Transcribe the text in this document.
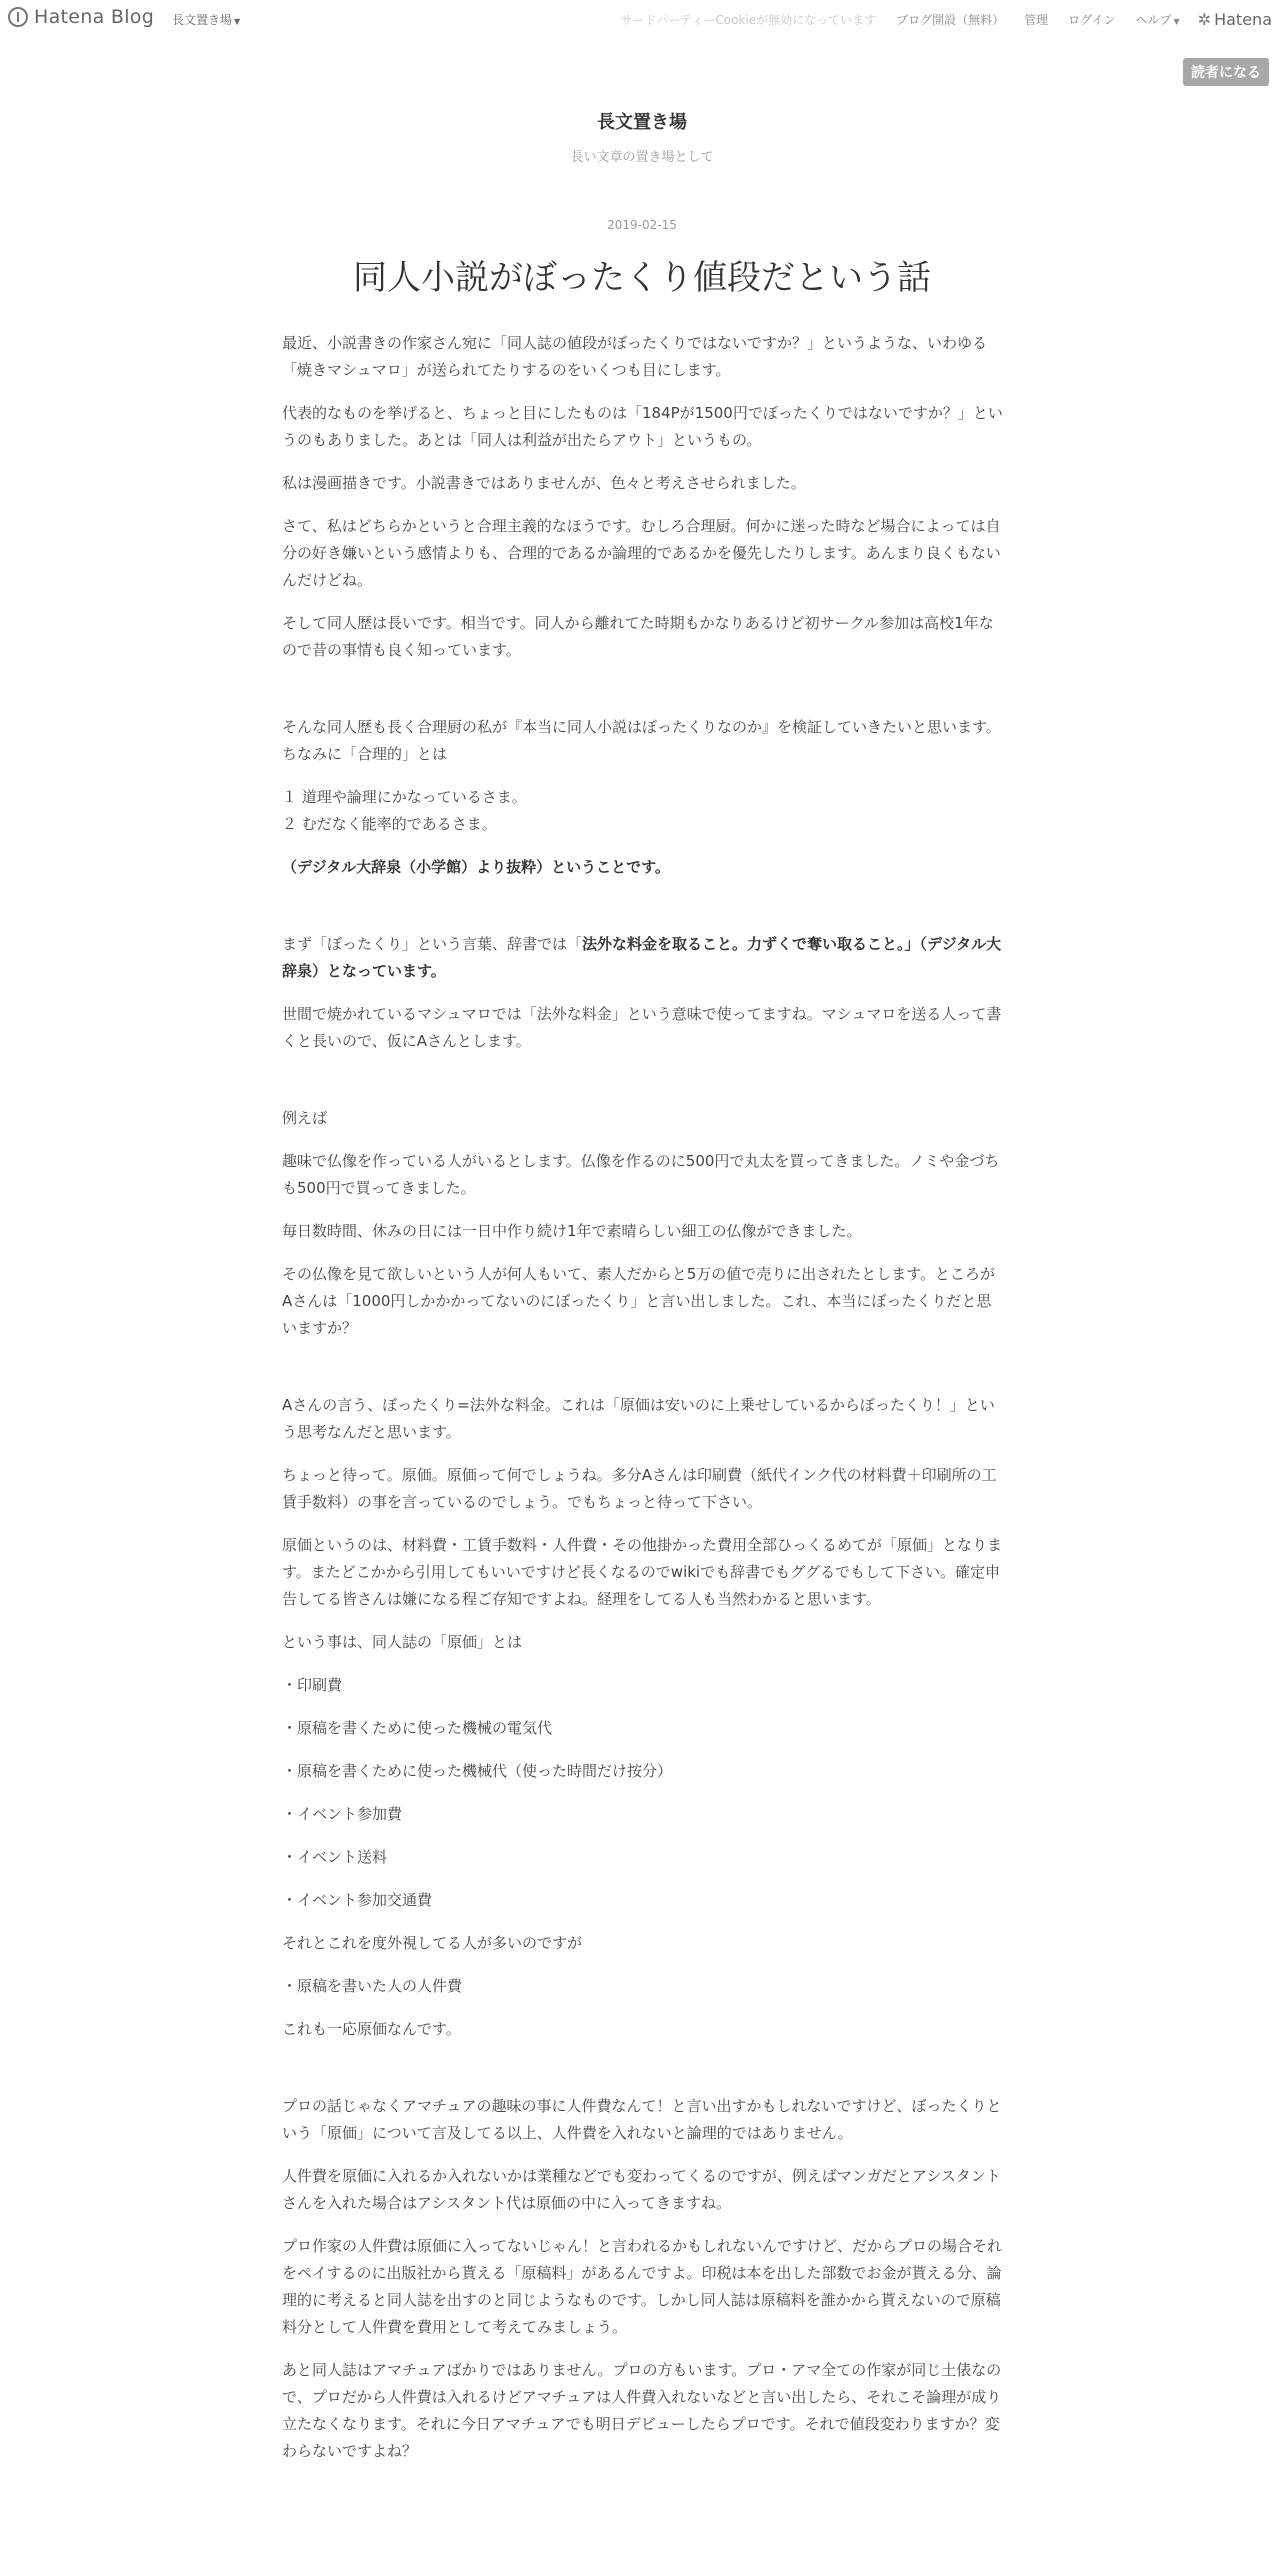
Hatena Blog 長文置き場 ▼	サードパーティーCookieが無効になっています ブログ開設（無料） 管理 ログイン ヘルプ ▼ ✲ Hatena
読者になる
長文置き場
長い文章の置き場として
2019-02-15
同人小説がぼったくり値段だという話

最近、小説書きの作家さん宛に「同人誌の値段がぼったくりではないですか？」というような、いわゆる「焼きマシュマロ」が送られてたりするのをいくつも目にします。

代表的なものを挙げると、ちょっと目にしたものは「184Pが1500円でぼったくりではないですか？」というのもありました。あとは「同人は利益が出たらアウト」というもの。

私は漫画描きです。小説書きではありませんが、色々と考えさせられました。

さて、私はどちらかというと合理主義的なほうです。むしろ合理厨。何かに迷った時など場合によっては自分の好き嫌いという感情よりも、合理的であるか論理的であるかを優先したりします。あんまり良くもないんだけどね。

そして同人歴は長いです。相当です。同人から離れてた時期もかなりあるけど初サークル参加は高校1年なので昔の事情も良く知っています。

そんな同人歴も長く合理厨の私が『本当に同人小説はぼったくりなのか』を検証していきたいと思います。ちなみに「合理的」とは

１ 道理や論理にかなっているさま。
２ むだなく能率的であるさま。

（デジタル大辞泉（小学館）より抜粋）ということです。

まず「ぼったくり」という言葉、辞書では「法外な料金を取ること。力ずくで奪い取ること。」（デジタル大辞泉）となっています。

世間で焼かれているマシュマロでは「法外な料金」という意味で使ってますね。マシュマロを送る人って書くと長いので、仮にAさんとします。

例えば

趣味で仏像を作っている人がいるとします。仏像を作るのに500円で丸太を買ってきました。ノミや金づちも500円で買ってきました。

毎日数時間、休みの日には一日中作り続け1年で素晴らしい細工の仏像ができました。

その仏像を見て欲しいという人が何人もいて、素人だからと5万の値で売りに出されたとします。ところがAさんは「1000円しかかかってないのにぼったくり」と言い出しました。これ、本当にぼったくりだと思いますか？

Aさんの言う、ぼったくり=法外な料金。これは「原価は安いのに上乗せしているからぼったくり！」という思考なんだと思います。

ちょっと待って。原価。原価って何でしょうね。多分Aさんは印刷費（紙代インク代の材料費＋印刷所の工賃手数料）の事を言っているのでしょう。でもちょっと待って下さい。

原価というのは、材料費・工賃手数料・人件費・その他掛かった費用全部ひっくるめてが「原価」となります。またどこかから引用してもいいですけど長くなるのでwikiでも辞書でもググるでもして下さい。確定申告してる皆さんは嫌になる程ご存知ですよね。経理をしてる人も当然わかると思います。

という事は、同人誌の「原価」とは

・印刷費

・原稿を書くために使った機械の電気代

・原稿を書くために使った機械代（使った時間だけ按分）

・イベント参加費

・イベント送料

・イベント参加交通費

それとこれを度外視してる人が多いのですが

・原稿を書いた人の人件費

これも一応原価なんです。

プロの話じゃなくアマチュアの趣味の事に人件費なんて！と言い出すかもしれないですけど、ぼったくりという「原価」について言及してる以上、人件費を入れないと論理的ではありません。

人件費を原価に入れるか入れないかは業種などでも変わってくるのですが、例えばマンガだとアシスタントさんを入れた場合はアシスタント代は原価の中に入ってきますね。

プロ作家の人件費は原価に入ってないじゃん！と言われるかもしれないんですけど、だからプロの場合それをペイするのに出版社から貰える「原稿料」があるんですよ。印税は本を出した部数でお金が貰える分、論理的に考えると同人誌を出すのと同じようなものです。しかし同人誌は原稿料を誰かから貰えないので原稿料分として人件費を費用として考えてみましょう。

あと同人誌はアマチュアばかりではありません。プロの方もいます。プロ・アマ全ての作家が同じ土俵なので、プロだから人件費は入れるけどアマチュアは人件費入れないなどと言い出したら、それこそ論理が成り立たなくなります。それに今日アマチュアでも明日デビューしたらプロです。それで値段変わりますか？変わらないですよね？
